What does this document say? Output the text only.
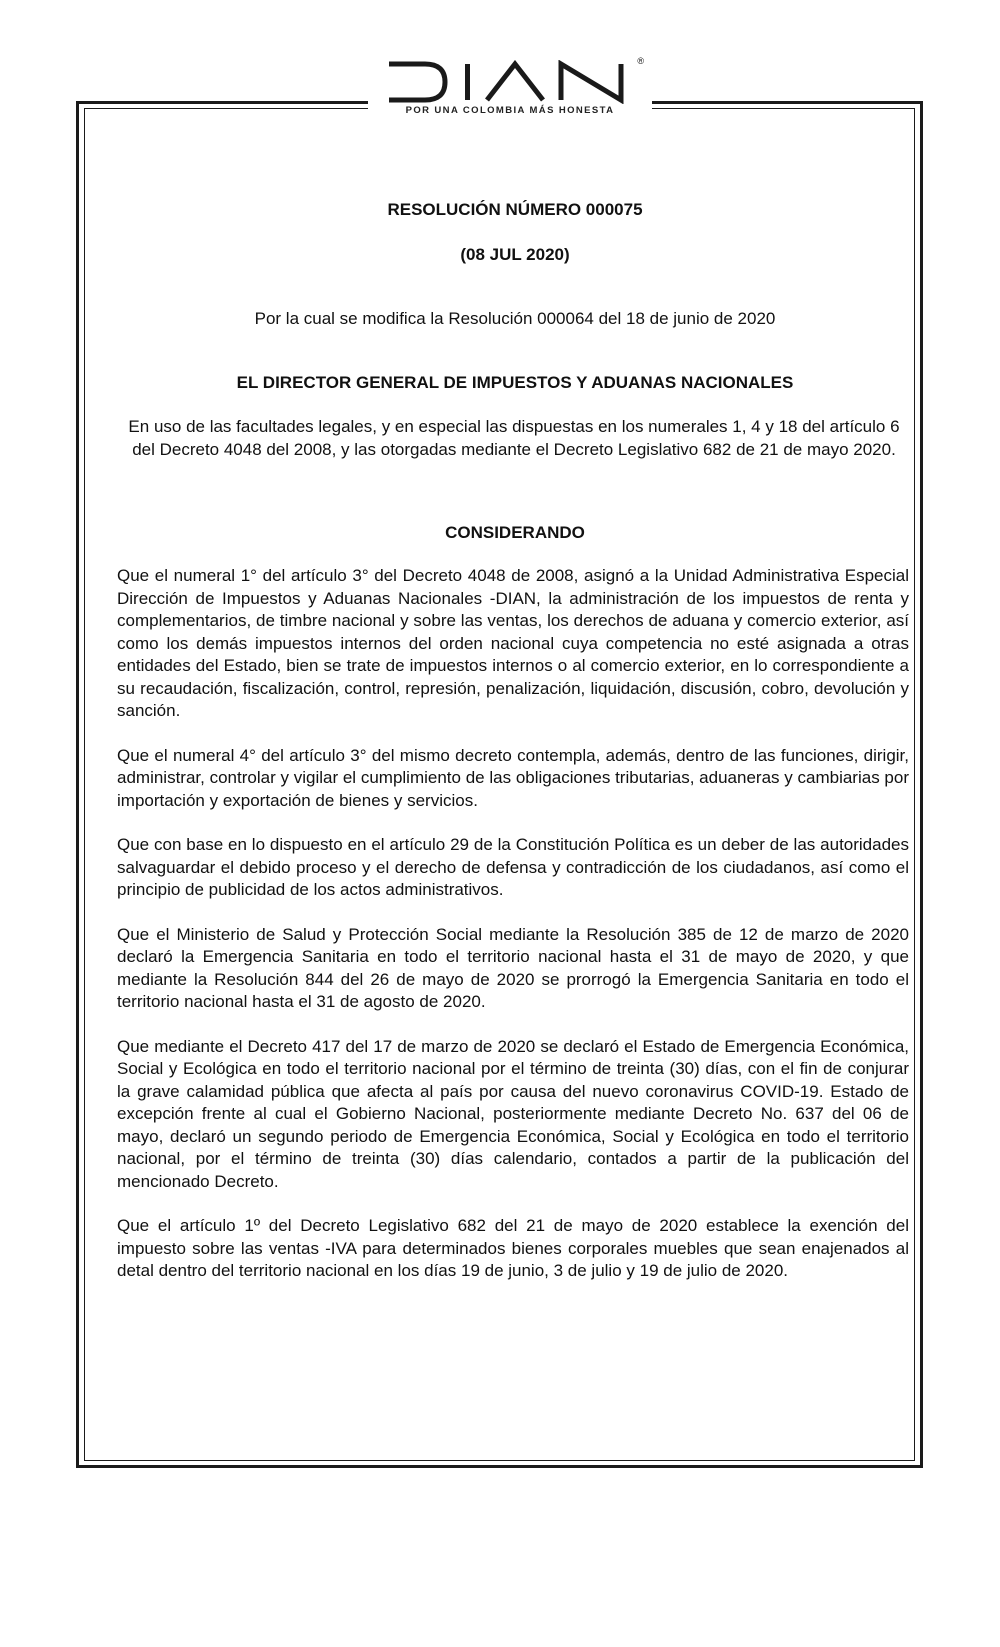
®
POR UNA COLOMBIA MÁS HONESTA
RESOLUCIÓN NÚMERO 000075
(08 JUL 2020)
Por la cual se modifica la Resolución 000064 del 18 de junio de 2020
EL DIRECTOR GENERAL DE IMPUESTOS Y ADUANAS NACIONALES
En uso de las facultades legales, y en especial las dispuestas en los numerales 1, 4 y 18 del artículo 6 del Decreto 4048 del 2008, y las otorgadas mediante el Decreto Legislativo 682 de 21 de mayo 2020.
CONSIDERANDO

Que el numeral 1° del artículo 3° del Decreto 4048 de 2008, asignó a la Unidad Administrativa Especial Dirección de Impuestos y Aduanas Nacionales -DIAN, la administración de los impuestos de renta y complementarios, de timbre nacional y sobre las ventas, los derechos de aduana y comercio exterior, así como los demás impuestos internos del orden nacional cuya competencia no esté asignada a otras entidades del Estado, bien se trate de impuestos internos o al comercio exterior, en lo correspondiente a su recaudación, fiscalización, control, represión, penalización, liquidación, discusión, cobro, devolución y sanción.

Que el numeral 4° del artículo 3° del mismo decreto contempla, además, dentro de las funciones, dirigir, administrar, controlar y vigilar el cumplimiento de las obligaciones tributarias, aduaneras y cambiarias por importación y exportación de bienes y servicios.

Que con base en lo dispuesto en el artículo 29 de la Constitución Política es un deber de las autoridades salvaguardar el debido proceso y el derecho de defensa y contradicción de los ciudadanos, así como el principio de publicidad de los actos administrativos.

Que el Ministerio de Salud y Protección Social mediante la Resolución 385 de 12 de marzo de 2020 declaró la Emergencia Sanitaria en todo el territorio nacional hasta el 31 de mayo de 2020, y que mediante la Resolución 844 del 26 de mayo de 2020 se prorrogó la Emergencia Sanitaria en todo el territorio nacional hasta el 31 de agosto de 2020.

Que mediante el Decreto 417 del 17 de marzo de 2020 se declaró el Estado de Emergencia Económica, Social y Ecológica en todo el territorio nacional por el término de treinta (30) días, con el fin de conjurar la grave calamidad pública que afecta al país por causa del nuevo coronavirus COVID-19. Estado de excepción frente al cual el Gobierno Nacional, posteriormente mediante Decreto No. 637 del 06 de mayo, declaró un segundo periodo de Emergencia Económica, Social y Ecológica en todo el territorio nacional, por el término de treinta (30) días calendario, contados a partir de la publicación del mencionado Decreto.

Que el artículo 1º del Decreto Legislativo 682 del 21 de mayo de 2020 establece la exención del impuesto sobre las ventas -IVA para determinados bienes corporales muebles que sean enajenados al detal dentro del territorio nacional en los días 19 de junio, 3 de julio y 19 de julio de 2020.
